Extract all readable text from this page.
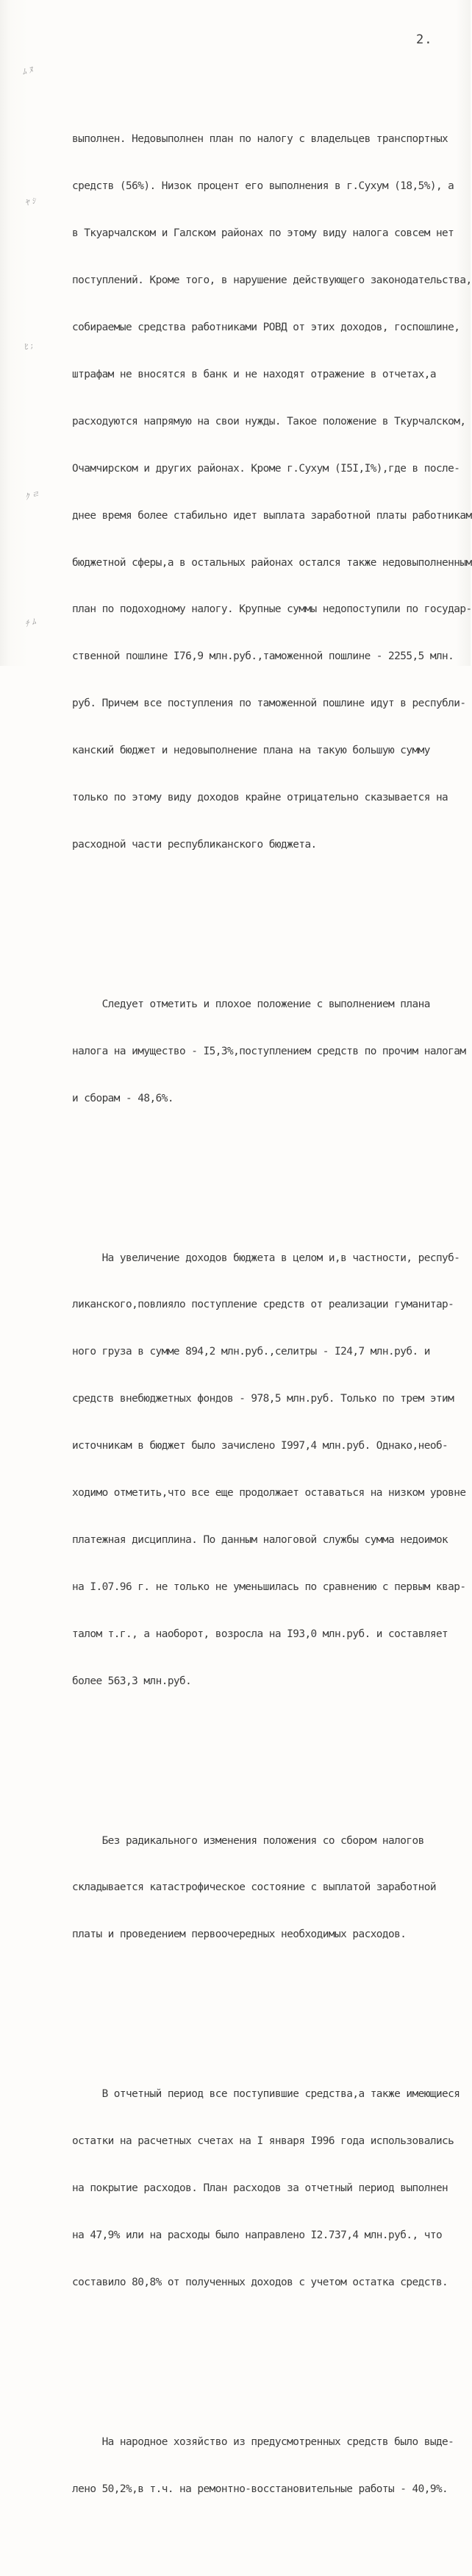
2.
ﾑ ﾇ
ﾔ ｼ
ﾋ ;
ｸ ㄹ
ﾁ ﾑ

выполнен. Недовыполнен план по налогу с владельцев транспортных

средств (56%). Низок процент его выполнения в г.Сухум (18,5%), а

в Ткуарчалском и Галском районах по этому виду налога совсем нет

поступлений. Кроме того, в нарушение действующего законодательства,

собираемые средства работниками РОВД от этих доходов, госпошлине,

штрафам не вносятся в банк и не находят отражение в отчетах,а

расходуются напрямую на свои нужды. Такое положение в Ткурчалском,

Очамчирском и других районах. Кроме г.Сухум (I5I,I%),где в после-

днее время более стабильно идет выплата заработной платы работникам

бюджетной сферы,а в остальных районах остался также недовыполненным

план по подоходному налогу. Крупные суммы недопоступили по государ-

ственной пошлине I76,9 млн.руб.,таможенной пошлине - 2255,5 млн.

руб. Причем все поступления по таможенной пошлине идут в республи-

канский бюджет и недовыполнение плана на такую большую сумму

только по этому виду доходов крайне отрицательно сказывается на

расходной части республиканского бюджета.

Следует отметить и плохое положение с выполнением плана

налога на имущество - I5,3%,поступлением средств по прочим налогам

и сборам - 48,6%.

На увеличение доходов бюджета в целом и,в частности, респуб-

ликанского,повлияло поступление средств от реализации гуманитар-

ного груза в сумме 894,2 млн.руб.,селитры - I24,7 млн.руб. и

средств внебюджетных фондов - 978,5 млн.руб. Только по трем этим

источникам в бюджет было зачислено I997,4 млн.руб. Однако,необ-

ходимо отметить,что все еще продолжает оставаться на низком уровне

платежная дисциплина. По данным налоговой службы сумма недоимок

на I.07.96 г. не только не уменьшилась по сравнению с первым квар-

талом т.г., а наоборот, возросла на I93,0 млн.руб. и составляет

более 563,3 млн.руб.

Без радикального изменения положения со сбором налогов

складывается катастрофическое состояние с выплатой заработной

платы и проведением первоочередных необходимых расходов.

В отчетный период все поступившие средства,а также имеющиеся

остатки на расчетных счетах на I января I996 года использовались

на покрытие расходов. План расходов за отчетный период выполнен

на 47,9% или на расходы было направлено I2.737,4 млн.руб., что

составило 80,8% от полученных доходов с учетом остатка средств.

На народное хозяйство из предусмотренных средств было выде-

лено 50,2%,в т.ч. на ремонтно-восстановительные работы - 40,9%.
